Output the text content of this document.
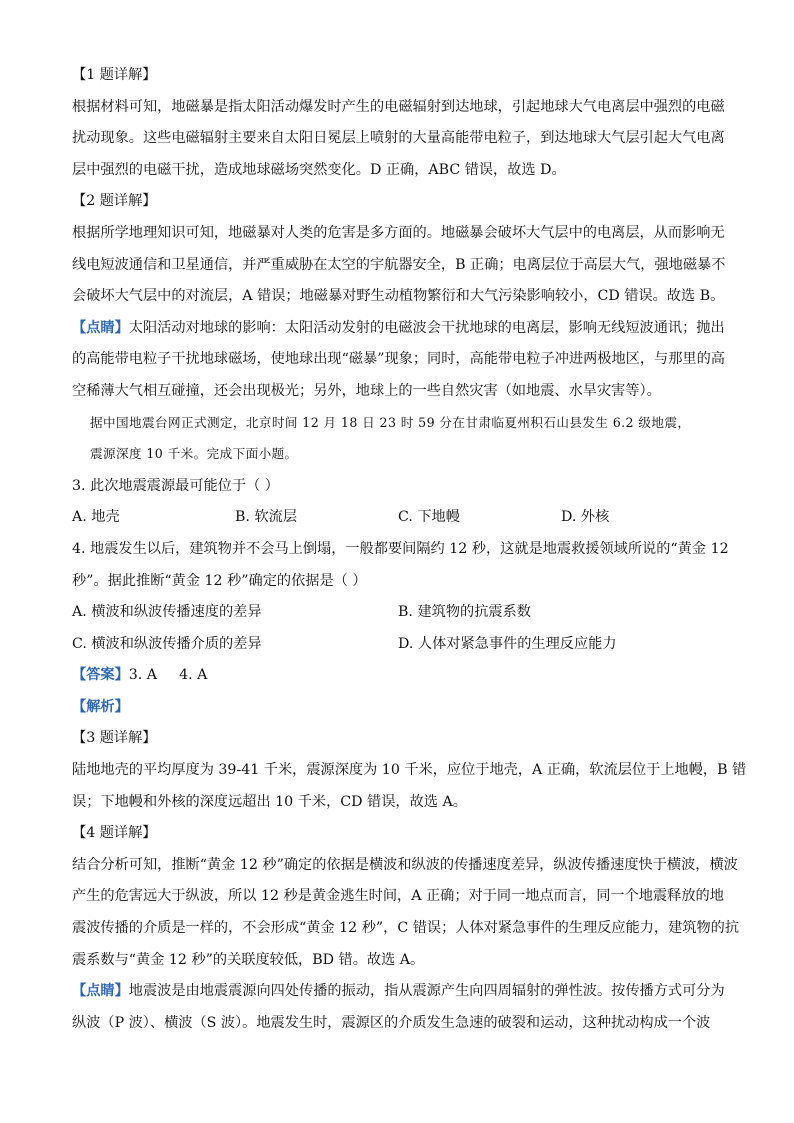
【1 题详解】
根据材料可知，地磁暴是指太阳活动爆发时产生的电磁辐射到达地球，引起地球大气电离层中强烈的电磁
扰动现象。这些电磁辐射主要来自太阳日冕层上喷射的大量高能带电粒子，到达地球大气层引起大气电离
层中强烈的电磁干扰，造成地球磁场突然变化。D 正确，ABC 错误，故选 D。
【2 题详解】
根据所学地理知识可知，地磁暴对人类的危害是多方面的。地磁暴会破坏大气层中的电离层，从而影响无
线电短波通信和卫星通信，并严重威胁在太空的宇航器安全，B 正确；电离层位于高层大气，强地磁暴不
会破坏大气层中的对流层，A 错误；地磁暴对野生动植物繁衍和大气污染影响较小，CD 错误。故选 B。
【点睛】太阳活动对地球的影响：太阳活动发射的电磁波会干扰地球的电离层，影响无线短波通讯；抛出
的高能带电粒子干扰地球磁场，使地球出现“磁暴”现象；同时，高能带电粒子冲进两极地区，与那里的高
空稀薄大气相互碰撞，还会出现极光；另外，地球上的一些自然灾害（如地震、水旱灾害等）。
据中国地震台网正式测定，北京时间 12 月 18 日 23 时 59 分在甘肃临夏州积石山县发生 6.2 级地震，
震源深度 10 千米。完成下面小题。
3. 此次地震震源最可能位于（ ）
A. 地壳	B. 软流层	C. 下地幔	D. 外核
4. 地震发生以后，建筑物并不会马上倒塌，一般都要间隔约 12 秒，这就是地震救援领域所说的“黄金 12
秒”。据此推断“黄金 12 秒”确定的依据是（ ）
A. 横波和纵波传播速度的差异	B. 建筑物的抗震系数
C. 横波和纵波传播介质的差异	D. 人体对紧急事件的生理反应能力
【答案】3. A 4. A
【解析】
【3 题详解】
陆地地壳的平均厚度为 39-41 千米，震源深度为 10 千米，应位于地壳，A 正确，软流层位于上地幔，B 错
误；下地幔和外核的深度远超出 10 千米，CD 错误，故选 A。
【4 题详解】
结合分析可知，推断“黄金 12 秒”确定的依据是横波和纵波的传播速度差异，纵波传播速度快于横波，横波
产生的危害远大于纵波，所以 12 秒是黄金逃生时间，A 正确；对于同一地点而言，同一个地震释放的地
震波传播的介质是一样的，不会形成“黄金 12 秒”，C 错误；人体对紧急事件的生理反应能力，建筑物的抗
震系数与“黄金 12 秒”的关联度较低，BD 错。故选 A。
【点睛】地震波是由地震震源向四处传播的振动，指从震源产生向四周辐射的弹性波。按传播方式可分为
纵波（P 波）、横波（S 波）。地震发生时，震源区的介质发生急速的破裂和运动，这种扰动构成一个波
